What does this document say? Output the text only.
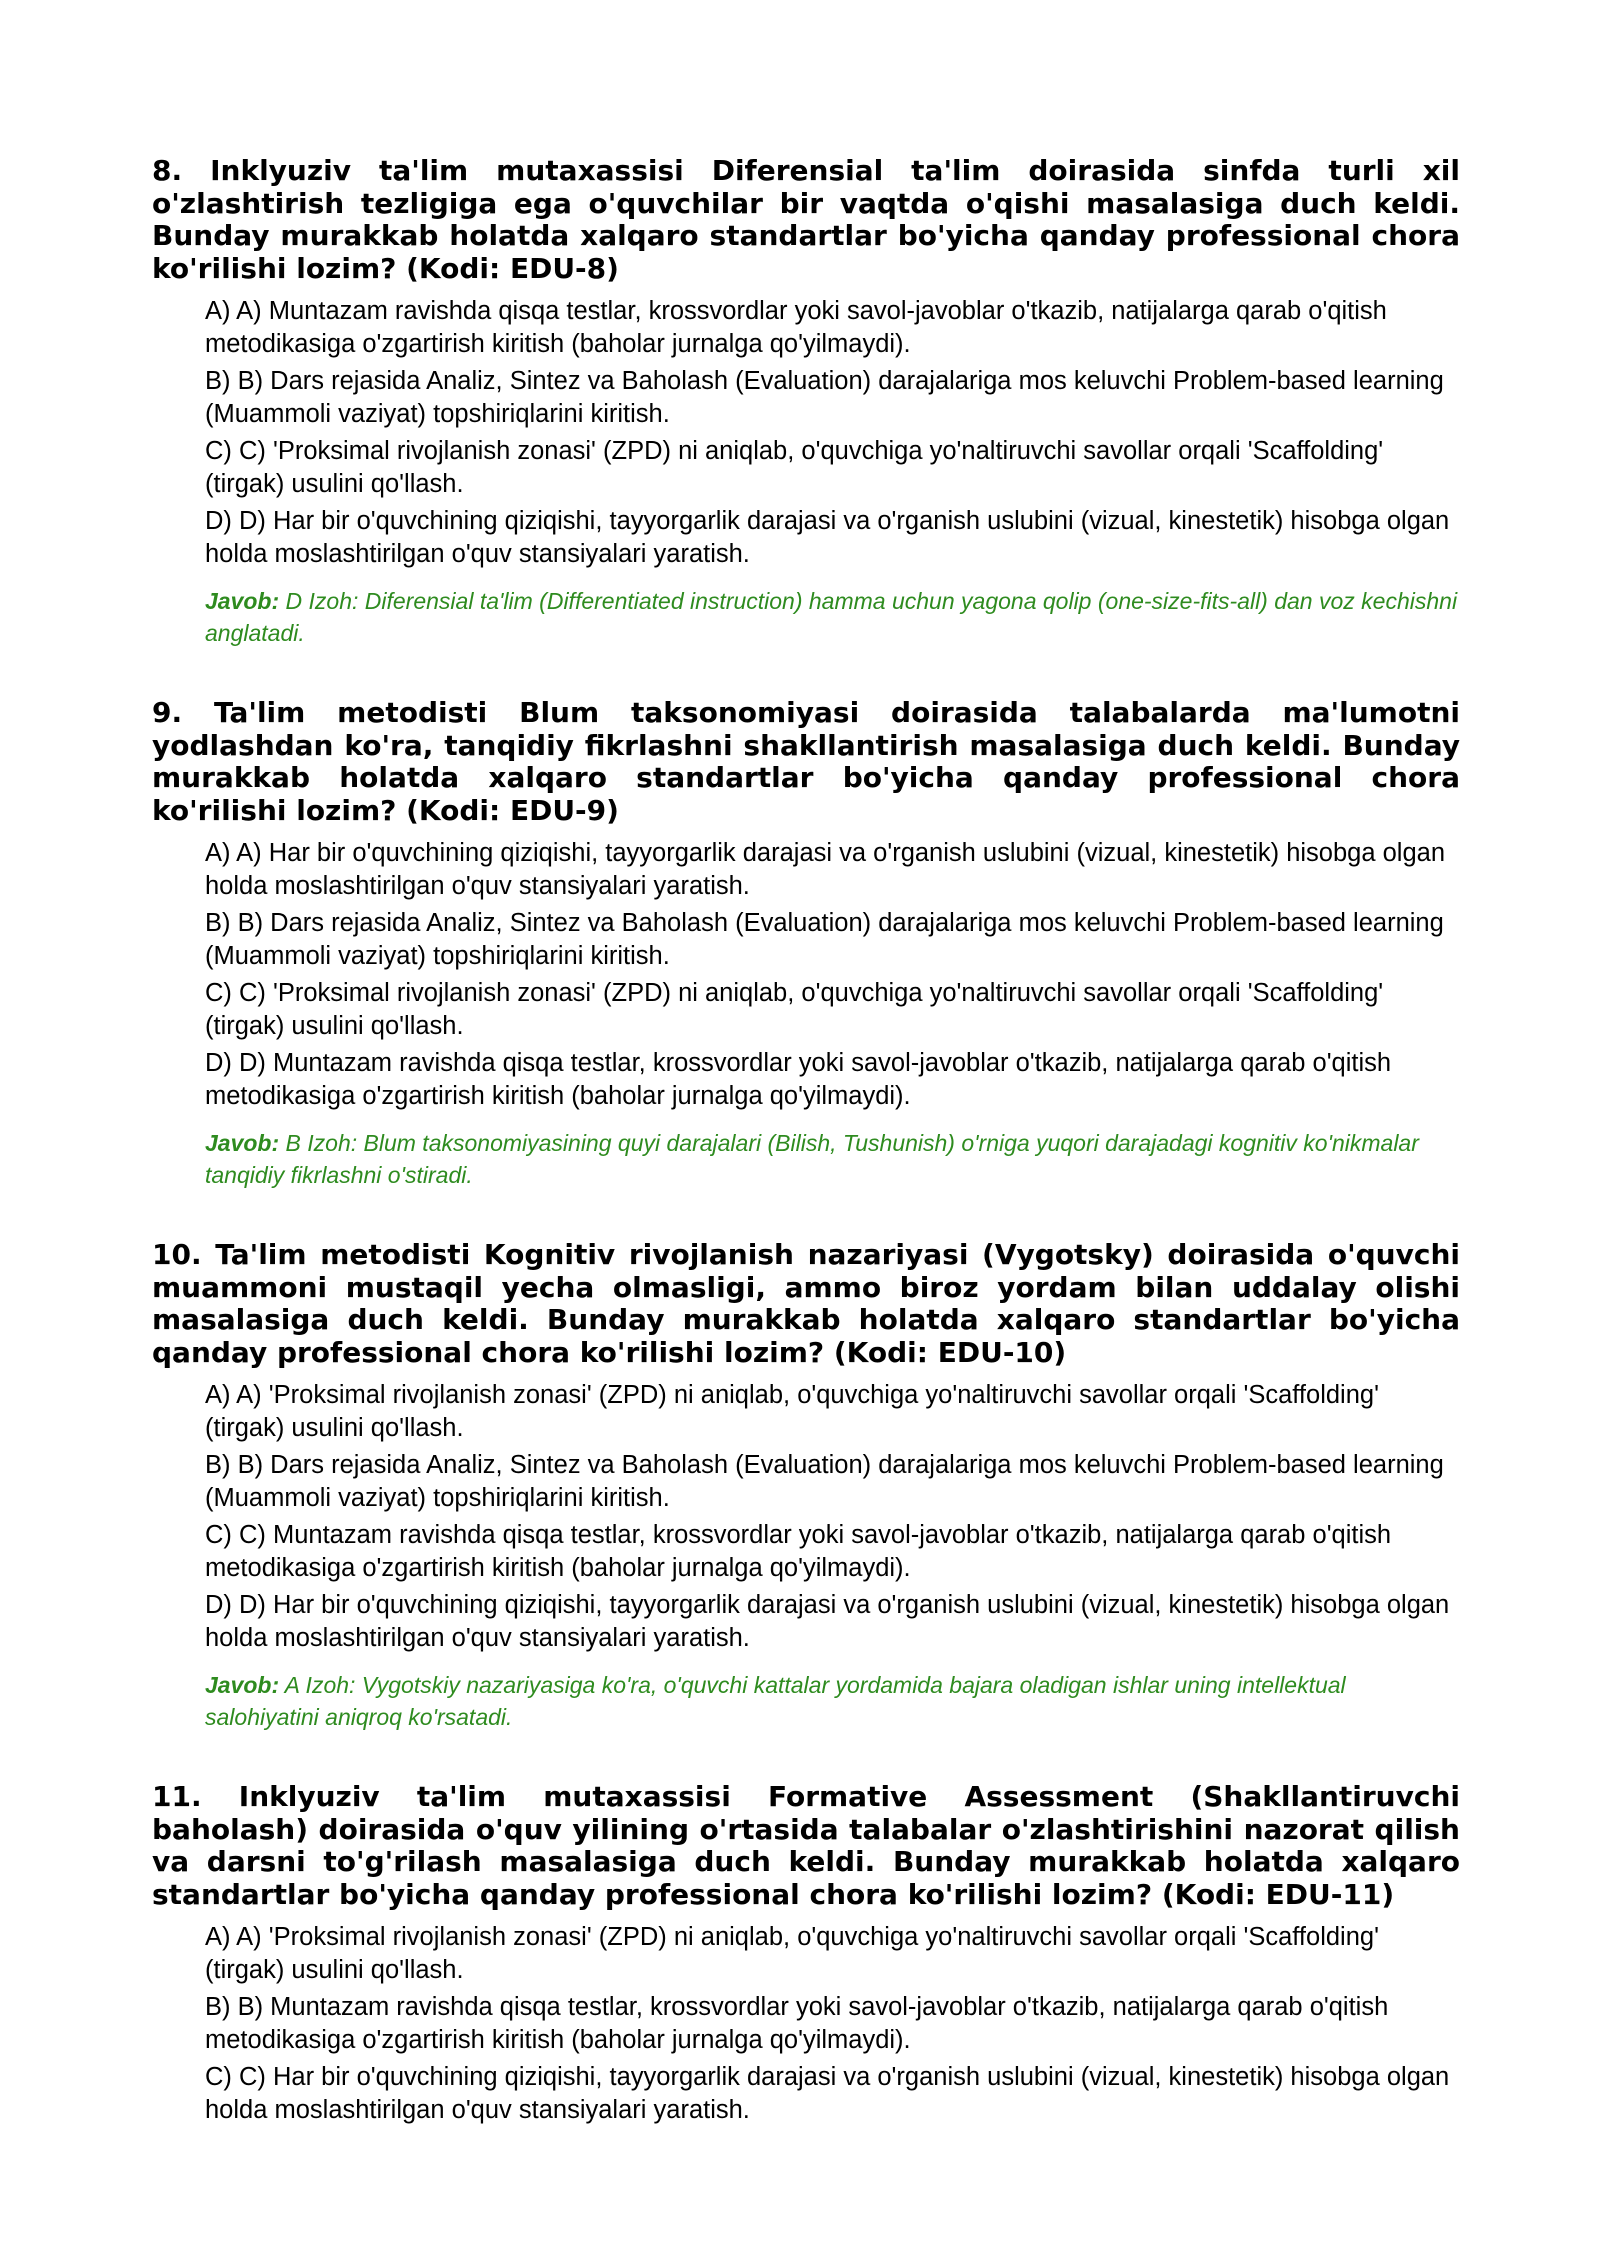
8. Inklyuziv ta'lim mutaxassisi Diferensial ta'lim doirasida sinfda turli xil o'zlashtirish tezligiga ega o'quvchilar bir vaqtda o'qishi masalasiga duch keldi. Bunday murakkab holatda xalqaro standartlar bo'yicha qanday professional chora ko'rilishi lozim? (Kodi: EDU-8)

A) A) Muntazam ravishda qisqa testlar, krossvordlar yoki savol-javoblar o'tkazib, natijalarga qarab o'qitish metodikasiga o'zgartirish kiritish (baholar jurnalga qo'yilmaydi).

B) B) Dars rejasida Analiz, Sintez va Baholash (Evaluation) darajalariga mos keluvchi Problem-based learning (Muammoli vaziyat) topshiriqlarini kiritish.

C) C) 'Proksimal rivojlanish zonasi' (ZPD) ni aniqlab, o'quvchiga yo'naltiruvchi savollar orqali 'Scaffolding' (tirgak) usulini qo'llash.

D) D) Har bir o'quvchining qiziqishi, tayyorgarlik darajasi va o'rganish uslubini (vizual, kinestetik) hisobga olgan holda moslashtirilgan o'quv stansiyalari yaratish.

Javob: D Izoh: Diferensial ta'lim (Differentiated instruction) hamma uchun yagona qolip (one-size-fits-all) dan voz kechishni anglatadi.

9. Ta'lim metodisti Blum taksonomiyasi doirasida talabalarda ma'lumotni yodlashdan ko'ra, tanqidiy fikrlashni shakllantirish masalasiga duch keldi. Bunday murakkab holatda xalqaro standartlar bo'yicha qanday professional chora ko'rilishi lozim? (Kodi: EDU-9)

A) A) Har bir o'quvchining qiziqishi, tayyorgarlik darajasi va o'rganish uslubini (vizual, kinestetik) hisobga olgan holda moslashtirilgan o'quv stansiyalari yaratish.

B) B) Dars rejasida Analiz, Sintez va Baholash (Evaluation) darajalariga mos keluvchi Problem-based learning (Muammoli vaziyat) topshiriqlarini kiritish.

C) C) 'Proksimal rivojlanish zonasi' (ZPD) ni aniqlab, o'quvchiga yo'naltiruvchi savollar orqali 'Scaffolding' (tirgak) usulini qo'llash.

D) D) Muntazam ravishda qisqa testlar, krossvordlar yoki savol-javoblar o'tkazib, natijalarga qarab o'qitish metodikasiga o'zgartirish kiritish (baholar jurnalga qo'yilmaydi).

Javob: B Izoh: Blum taksonomiyasining quyi darajalari (Bilish, Tushunish) o'rniga yuqori darajadagi kognitiv ko'nikmalar tanqidiy fikrlashni o'stiradi.

10. Ta'lim metodisti Kognitiv rivojlanish nazariyasi (Vygotsky) doirasida o'quvchi muammoni mustaqil yecha olmasligi, ammo biroz yordam bilan uddalay olishi masalasiga duch keldi. Bunday murakkab holatda xalqaro standartlar bo'yicha qanday professional chora ko'rilishi lozim? (Kodi: EDU-10)

A) A) 'Proksimal rivojlanish zonasi' (ZPD) ni aniqlab, o'quvchiga yo'naltiruvchi savollar orqali 'Scaffolding' (tirgak) usulini qo'llash.

B) B) Dars rejasida Analiz, Sintez va Baholash (Evaluation) darajalariga mos keluvchi Problem-based learning (Muammoli vaziyat) topshiriqlarini kiritish.

C) C) Muntazam ravishda qisqa testlar, krossvordlar yoki savol-javoblar o'tkazib, natijalarga qarab o'qitish metodikasiga o'zgartirish kiritish (baholar jurnalga qo'yilmaydi).

D) D) Har bir o'quvchining qiziqishi, tayyorgarlik darajasi va o'rganish uslubini (vizual, kinestetik) hisobga olgan holda moslashtirilgan o'quv stansiyalari yaratish.

Javob: A Izoh: Vygotskiy nazariyasiga ko'ra, o'quvchi kattalar yordamida bajara oladigan ishlar uning intellektual salohiyatini aniqroq ko'rsatadi.

11. Inklyuziv ta'lim mutaxassisi Formative Assessment (Shakllantiruvchi baholash) doirasida o'quv yilining o'rtasida talabalar o'zlashtirishini nazorat qilish va darsni to'g'rilash masalasiga duch keldi. Bunday murakkab holatda xalqaro standartlar bo'yicha qanday professional chora ko'rilishi lozim? (Kodi: EDU-11)

A) A) 'Proksimal rivojlanish zonasi' (ZPD) ni aniqlab, o'quvchiga yo'naltiruvchi savollar orqali 'Scaffolding' (tirgak) usulini qo'llash.

B) B) Muntazam ravishda qisqa testlar, krossvordlar yoki savol-javoblar o'tkazib, natijalarga qarab o'qitish metodikasiga o'zgartirish kiritish (baholar jurnalga qo'yilmaydi).

C) C) Har bir o'quvchining qiziqishi, tayyorgarlik darajasi va o'rganish uslubini (vizual, kinestetik) hisobga olgan holda moslashtirilgan o'quv stansiyalari yaratish.
